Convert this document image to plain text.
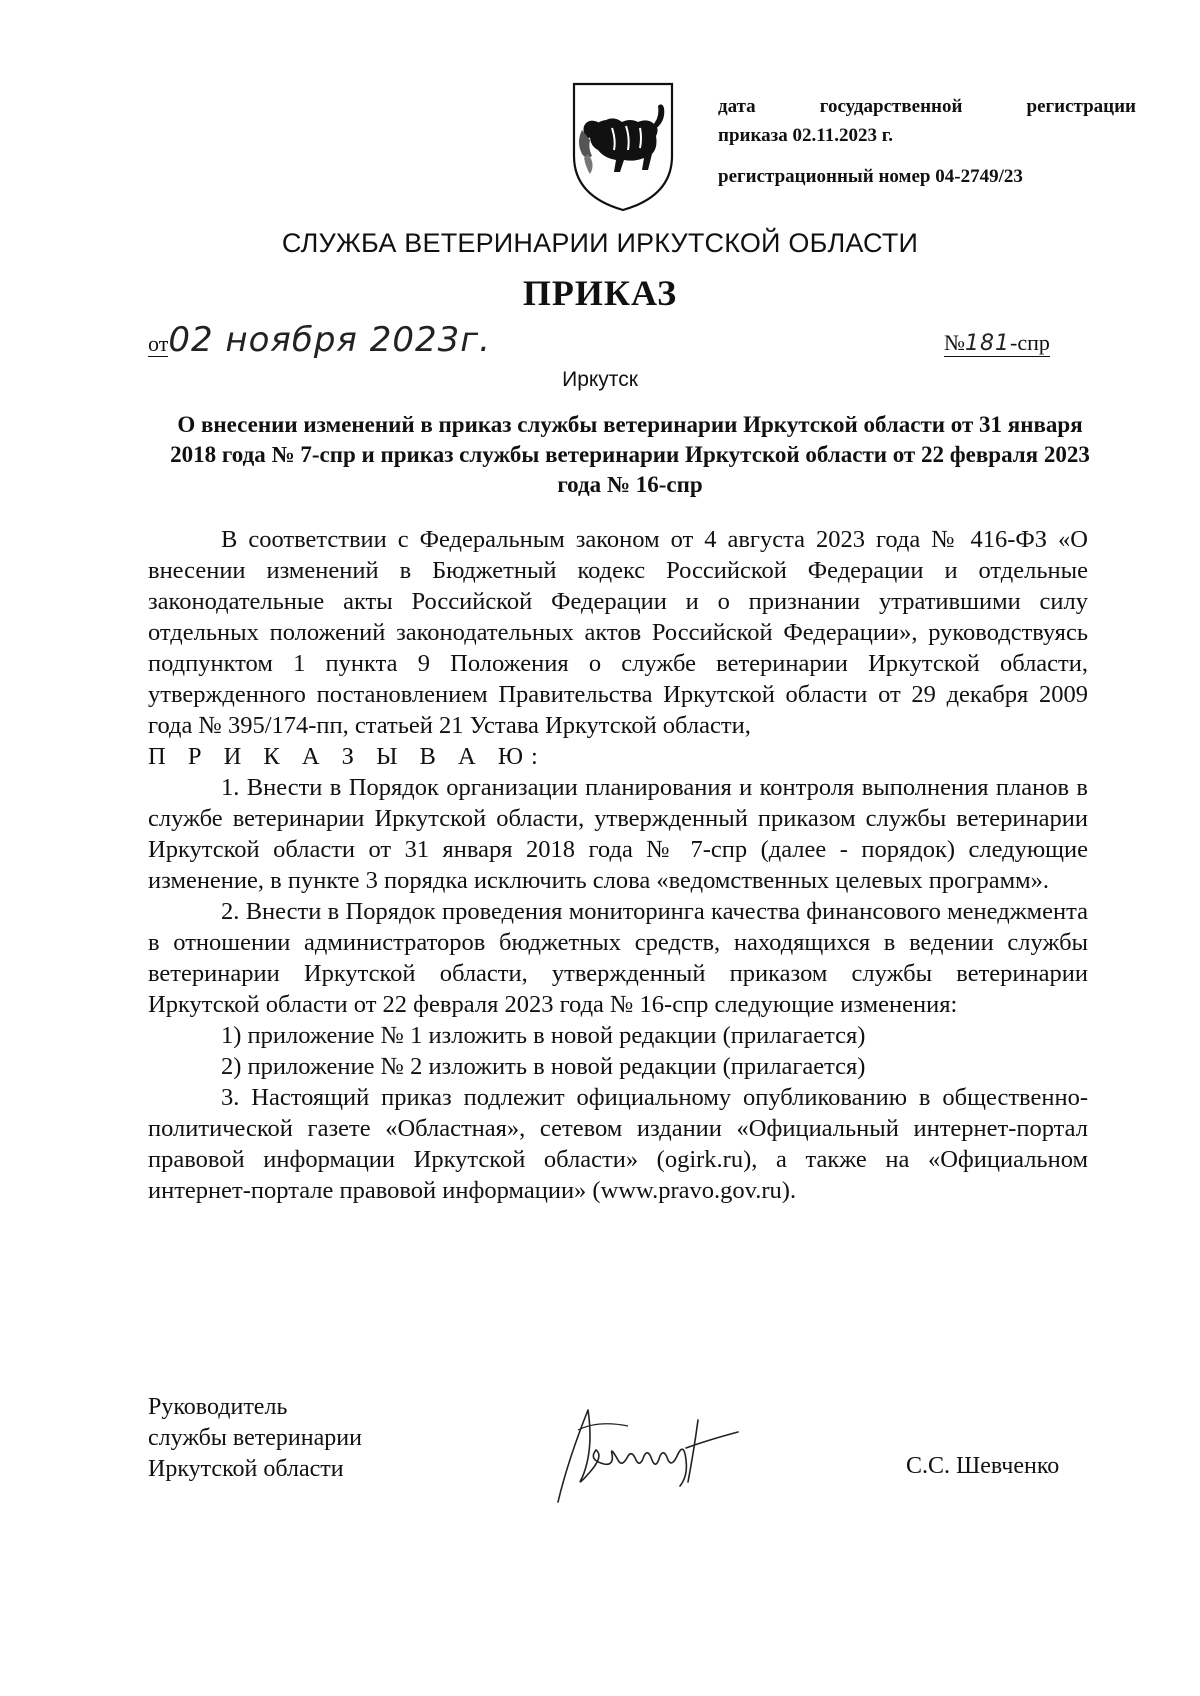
дата государственной регистрации
приказа 02.11.2023 г.
регистрационный номер 04-2749/23
СЛУЖБА ВЕТЕРИНАРИИ ИРКУТСКОЙ ОБЛАСТИ
ПРИКАЗ
от02 ноября 2023г.	№181-спр
Иркутск
О внесении изменений в приказ службы ветеринарии Иркутской области от 31 января 2018 года № 7-спр и приказ службы ветеринарии Иркутской области от 22 февраля 2023 года № 16-спр

В соответствии с Федеральным законом от 4 августа 2023 года № 416-ФЗ «О внесении изменений в Бюджетный кодекс Российской Федерации и отдельные законодательные акты Российской Федерации и о признании утратившими силу отдельных положений законодательных актов Российской Федерации», руководствуясь подпунктом 1 пункта 9 Положения о службе ветеринарии Иркутской области, утвержденного постановлением Правительства Иркутской области от 29 декабря 2009 года № 395/174-пп, статьей 21 Устава Иркутской области,

П Р И К А З Ы В А Ю:

1. Внести в Порядок организации планирования и контроля выполнения планов в службе ветеринарии Иркутской области, утвержденный приказом службы ветеринарии Иркутской области от 31 января 2018 года № 7-спр (далее - порядок) следующие изменение, в пункте 3 порядка исключить слова «ведомственных целевых программ».

2. Внести в Порядок проведения мониторинга качества финансового менеджмента в отношении администраторов бюджетных средств, находящихся в ведении службы ветеринарии Иркутской области, утвержденный приказом службы ветеринарии Иркутской области от 22 февраля 2023 года № 16-спр следующие изменения:

1) приложение № 1 изложить в новой редакции (прилагается)

2) приложение № 2 изложить в новой редакции (прилагается)

3. Настоящий приказ подлежит официальному опубликованию в общественно-политической газете «Областная», сетевом издании «Официальный интернет-портал правовой информации Иркутской области» (ogirk.ru), а также на «Официальном интернет-портале правовой информации» (www.pravo.gov.ru).

Руководитель
службы ветеринарии
Иркутской области	С.С. Шевченко
